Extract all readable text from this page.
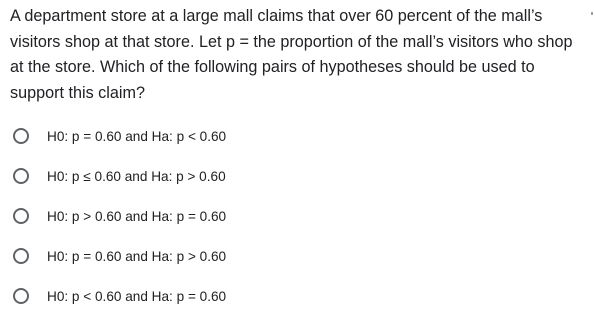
A department store at a large mall claims that over 60 percent of the mall’s visitors shop at that store. Let p = the proportion of the mall’s visitors who shop at the store. Which of the following pairs of hypotheses should be used to support this claim?
H0: p = 0.60 and Ha: p < 0.60
H0: p ≤ 0.60 and Ha: p > 0.60
H0: p > 0.60 and Ha: p = 0.60
H0: p = 0.60 and Ha: p > 0.60
H0: p < 0.60 and Ha: p = 0.60
